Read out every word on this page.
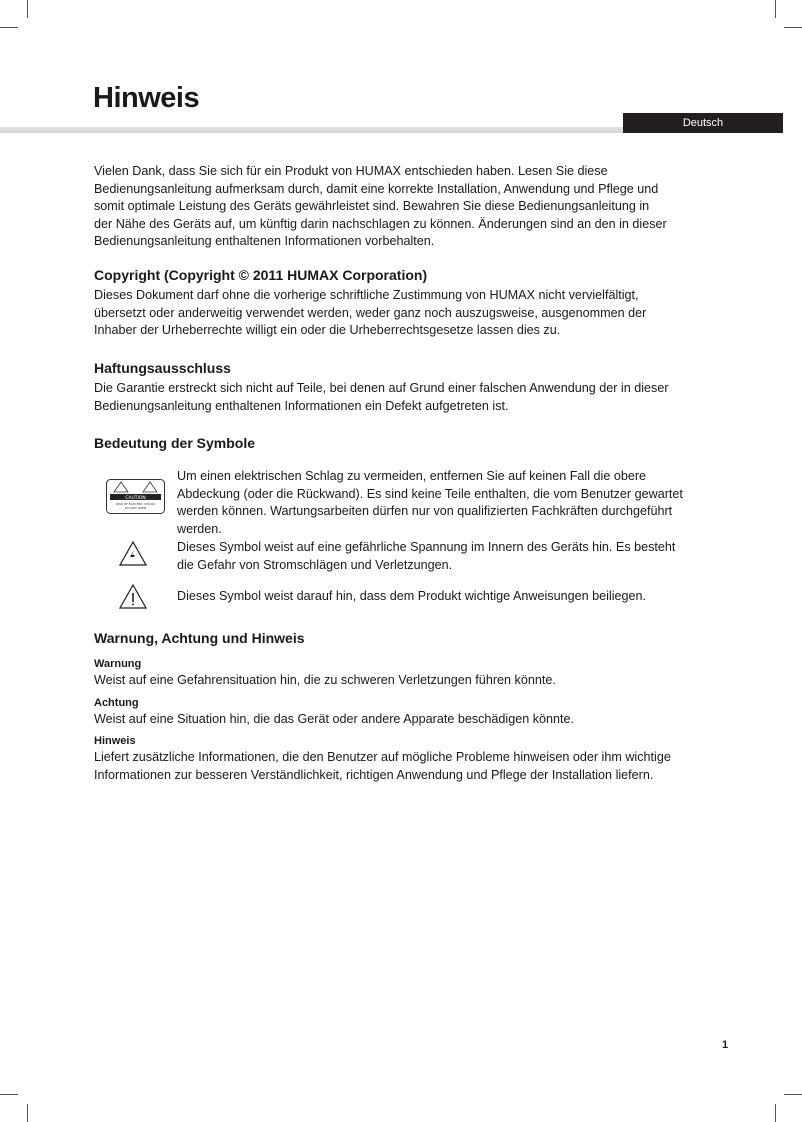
Hinweis
Deutsch
Vielen Dank, dass Sie sich für ein Produkt von HUMAX entschieden haben. Lesen Sie diese
Bedienungsanleitung aufmerksam durch, damit eine korrekte Installation, Anwendung und Pflege und
somit optimale Leistung des Geräts gewährleistet sind. Bewahren Sie diese Bedienungsanleitung in
der Nähe des Geräts auf, um künftig darin nachschlagen zu können. Änderungen sind an den in dieser
Bedienungsanleitung enthaltenen Informationen vorbehalten.
Copyright (Copyright © 2011 HUMAX Corporation)
Dieses Dokument darf ohne die vorherige schriftliche Zustimmung von HUMAX nicht vervielfältigt,
übersetzt oder anderweitig verwendet werden, weder ganz noch auszugsweise, ausgenommen der
Inhaber der Urheberrechte willigt ein oder die Urheberrechtsgesetze lassen dies zu.
Haftungsausschluss
Die Garantie erstreckt sich nicht auf Teile, bei denen auf Grund einer falschen Anwendung der in dieser
Bedienungsanleitung enthaltenen Informationen ein Defekt aufgetreten ist.
Bedeutung der Symbole
CAUTION
RISK OF ELECTRIC SHOCK
DO NOT OPEN
Um einen elektrischen Schlag zu vermeiden, entfernen Sie auf keinen Fall die obere
Abdeckung (oder die Rückwand). Es sind keine Teile enthalten, die vom Benutzer gewartet
werden können. Wartungsarbeiten dürfen nur von qualifizierten Fachkräften durchgeführt
werden.
Dieses Symbol weist auf eine gefährliche Spannung im Innern des Geräts hin. Es besteht
die Gefahr von Stromschlägen und Verletzungen.
Dieses Symbol weist darauf hin, dass dem Produkt wichtige Anweisungen beiliegen.
Warnung, Achtung und Hinweis
Warnung
Weist auf eine Gefahrensituation hin, die zu schweren Verletzungen führen könnte.
Achtung
Weist auf eine Situation hin, die das Gerät oder andere Apparate beschädigen könnte.
Hinweis
Liefert zusätzliche Informationen, die den Benutzer auf mögliche Probleme hinweisen oder ihm wichtige
Informationen zur besseren Verständlichkeit, richtigen Anwendung und Pflege der Installation liefern.
1
